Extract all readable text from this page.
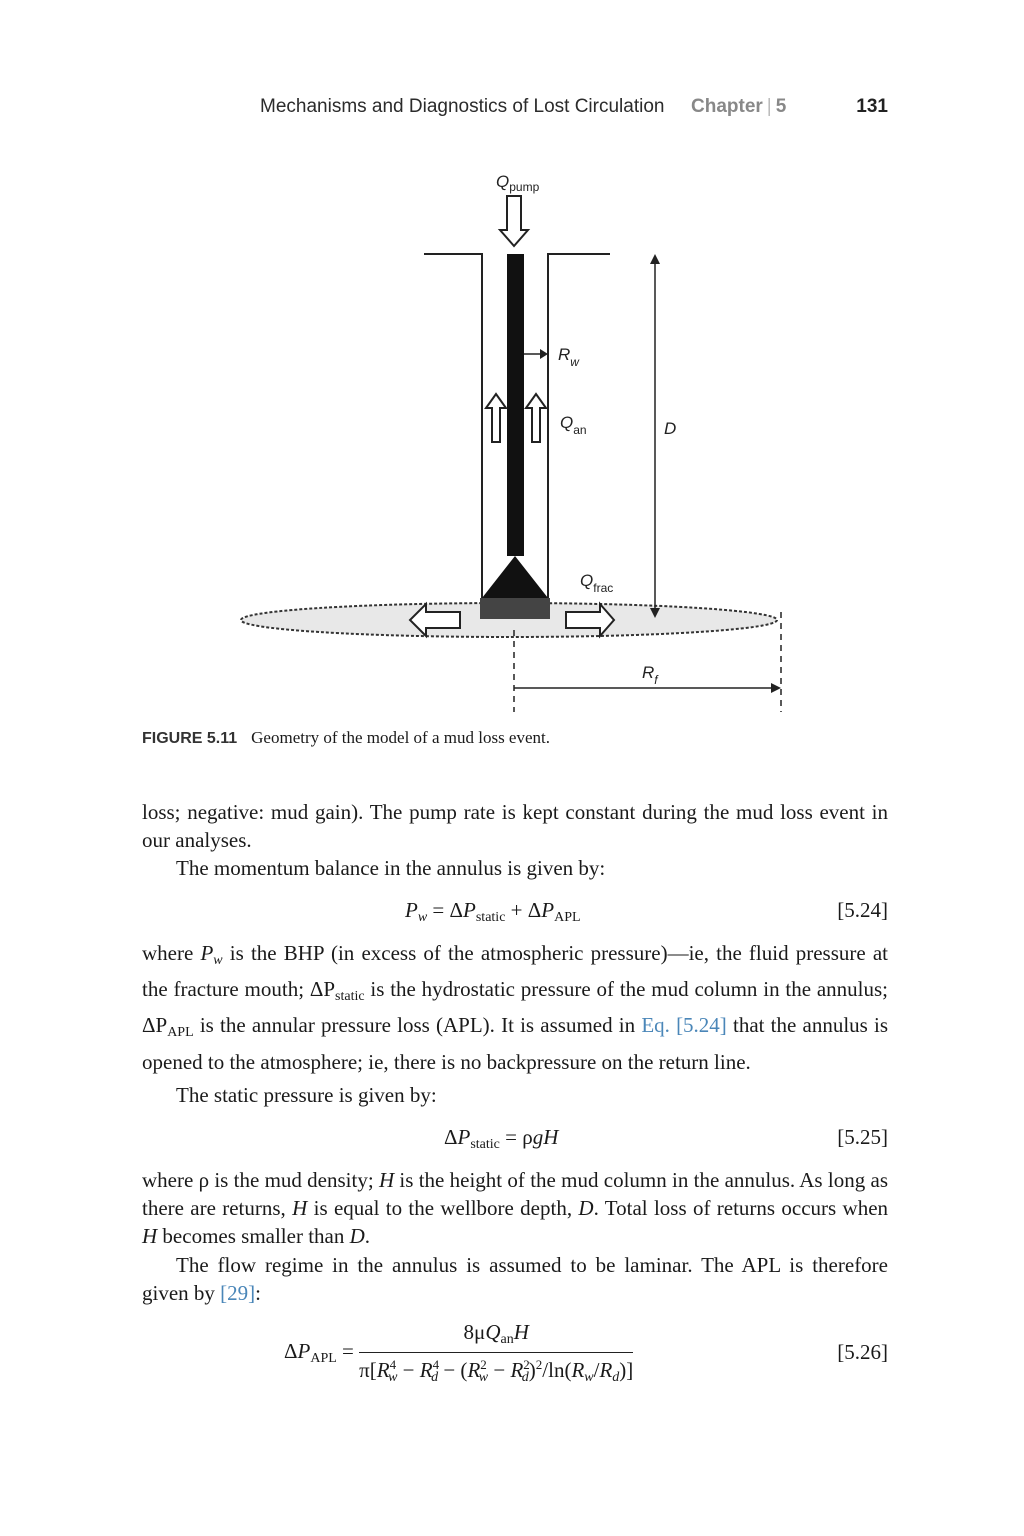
Mechanisms and Diagnostics of Lost Circulation Chapter | 5	131
$Q_{pump}$
$R_w$
$Q_{an}$	D
$Q_{frac}$
$R_f$
FIGURE 5.11 Geometry of the model of a mud loss event.
loss; negative: mud gain). The pump rate is kept constant during the mud loss event in our analyses.
The momentum balance in the annulus is given by:
$P_w = \Delta P_{static} + \Delta P_{APL}$	[5.24]
where $P_w$ is the BHP (in excess of the atmospheric pressure)—ie, the fluid pressure at the fracture mouth; $\Delta P_{static}$ is the hydrostatic pressure of the mud column in the annulus; $\Delta P_{APL}$ is the annular pressure loss (APL). It is assumed in Eq. [5.24] that the annulus is opened to the atmosphere; ie, there is no backpressure on the return line.
The static pressure is given by:
$\Delta P_{static} = \rho gH$	[5.25]
where ρ is the mud density; H is the height of the mud column in the annulus. As long as there are returns, H is equal to the wellbore depth, D. Total loss of returns occurs when H becomes smaller than D.
The flow regime in the annulus is assumed to be laminar. The APL is therefore given by [29]:
$\Delta P_{APL} = \frac{8\mu Q_{an}H}{\pi[R^4_w - R^4_d - (R^2_w - R^2_d)^2/\ln(R_w/R_d)]}$	[5.26]
